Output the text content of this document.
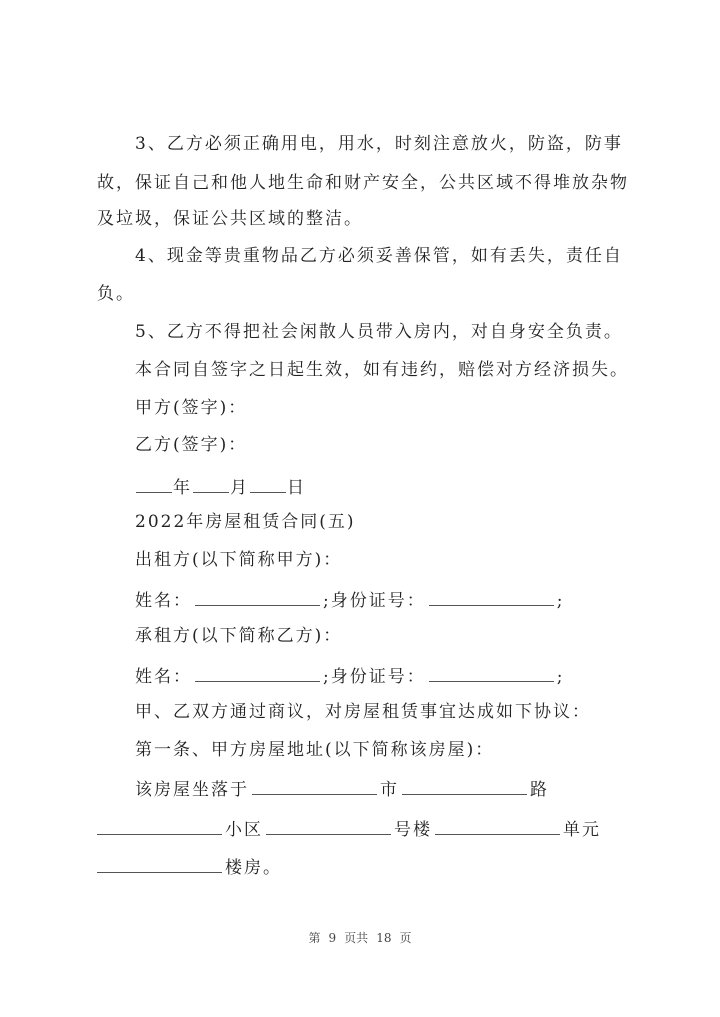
3、乙方必须正确用电，用水，时刻注意放火，防盗，防事
故，保证自己和他人地生命和财产安全，公共区域不得堆放杂物
及垃圾，保证公共区域的整洁。
4、现金等贵重物品乙方必须妥善保管，如有丢失，责任自
负。
5、乙方不得把社会闲散人员带入房内，对自身安全负责。
本合同自签字之日起生效，如有违约，赔偿对方经济损失。
甲方(签字)：
乙方(签字)：
年 月 日
2022年房屋租赁合同(五)
出租方(以下简称甲方)：
姓名：	;身份证号：	;
承租方(以下简称乙方)：
姓名：	;身份证号：	;
甲、乙双方通过商议，对房屋租赁事宜达成如下协议：
第一条、甲方房屋地址(以下简称该房屋)：
该房屋坐落于	市	路
小区	号楼	单元
楼房。
第 9 页共 18 页
